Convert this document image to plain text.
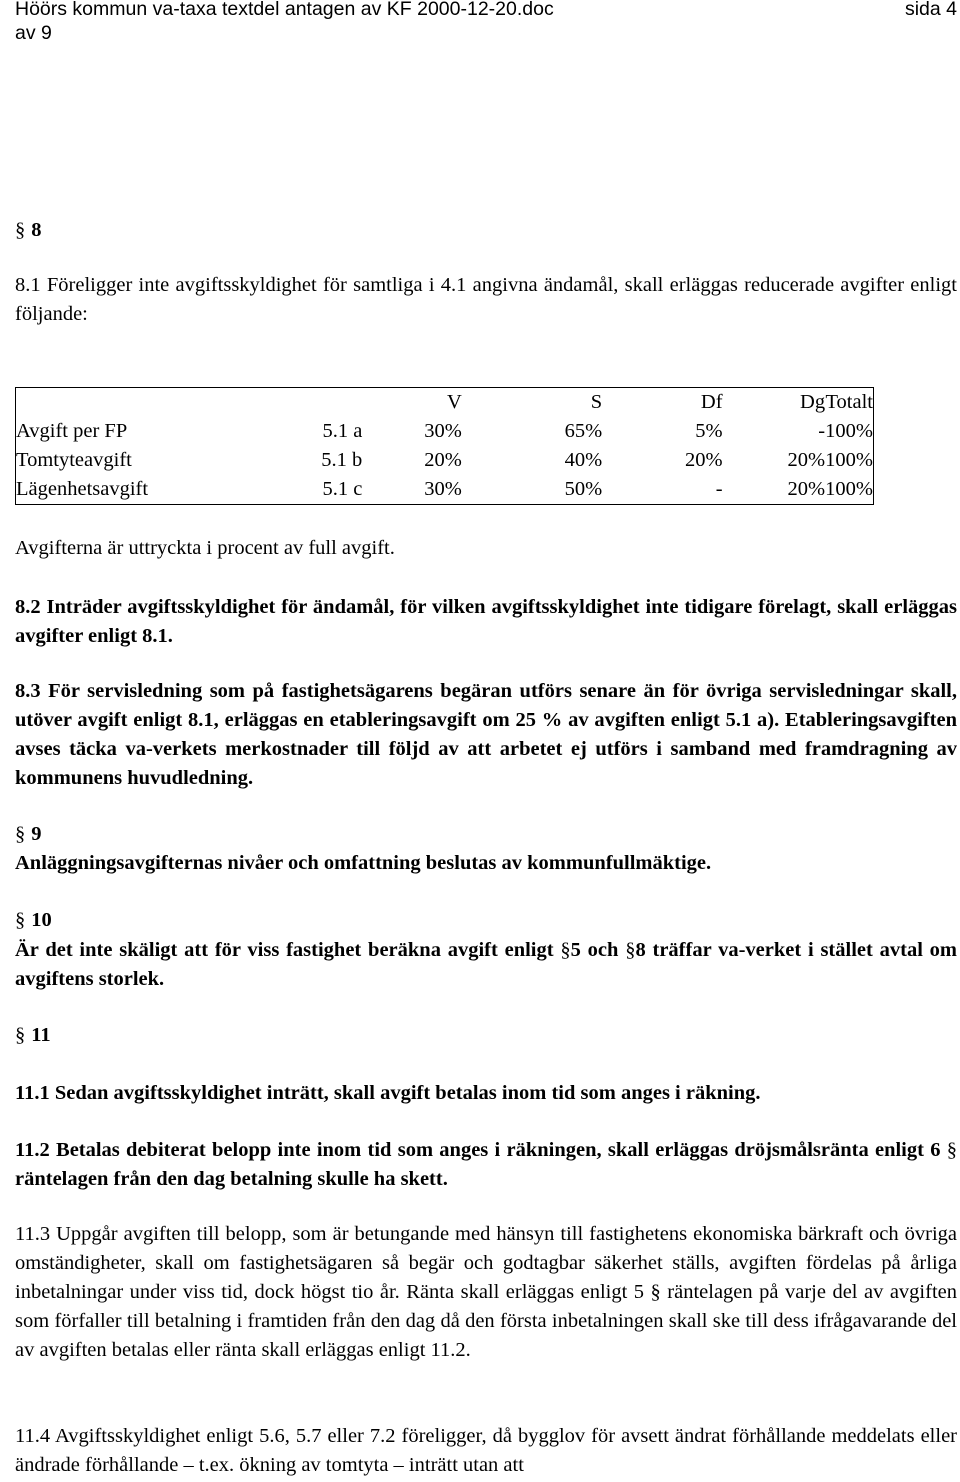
Höörs kommun va-taxa textdel antagen av KF 2000-12-20.doc	sida 4
av 9
§ 8
8.1 Föreligger inte avgiftsskyldighet för samtliga i 4.1 angivna ändamål, skall erläggas reducerade avgifter enligt följande:
		V	S	Df	Dg	Totalt
Avgift per FP	5.1 a	30%	65%	5%	-	100%
Tomtyteavgift	5.1 b	20%	40%	20%	20%	100%
Lägenhetsavgift	5.1 c	30%	50%	-	20%	100%
Avgifterna är uttryckta i procent av full avgift.
8.2 Inträder avgiftsskyldighet för ändamål, för vilken avgiftsskyldighet inte tidigare förelagt, skall erläggas avgifter enligt 8.1.
8.3 För servisledning som på fastighetsägarens begäran utförs senare än för övriga servisledningar skall, utöver avgift enligt 8.1, erläggas en etableringsavgift om 25 % av avgiften enligt 5.1 a). Etableringsavgiften avses täcka va-verkets merkostnader till följd av att arbetet ej utförs i samband med framdragning av kommunens huvudledning.
§ 9
Anläggningsavgifternas nivåer och omfattning beslutas av kommunfullmäktige.
§ 10
Är det inte skäligt att för viss fastighet beräkna avgift enligt §5 och §8 träffar va-verket i stället avtal om avgiftens storlek.
§ 11
11.1 Sedan avgiftsskyldighet inträtt, skall avgift betalas inom tid som anges i räkning.
11.2 Betalas debiterat belopp inte inom tid som anges i räkningen, skall erläggas dröjsmålsränta enligt 6 § räntelagen från den dag betalning skulle ha skett.
11.3 Uppgår avgiften till belopp, som är betungande med hänsyn till fastighetens ekonomiska bärkraft och övriga omständigheter, skall om fastighetsägaren så begär och godtagbar säkerhet ställs, avgiften fördelas på årliga inbetalningar under viss tid, dock högst tio år. Ränta skall erläggas enligt 5 § räntelagen på varje del av avgiften som förfaller till betalning i framtiden från den dag då den första inbetalningen skall ske till dess ifrågavarande del av avgiften betalas eller ränta skall erläggas enligt 11.2.
11.4 Avgiftsskyldighet enligt 5.6, 5.7 eller 7.2 föreligger, då bygglov för avsett ändrat förhållande meddelats eller ändrade förhållande – t.ex. ökning av tomtyta – inträtt utan att
